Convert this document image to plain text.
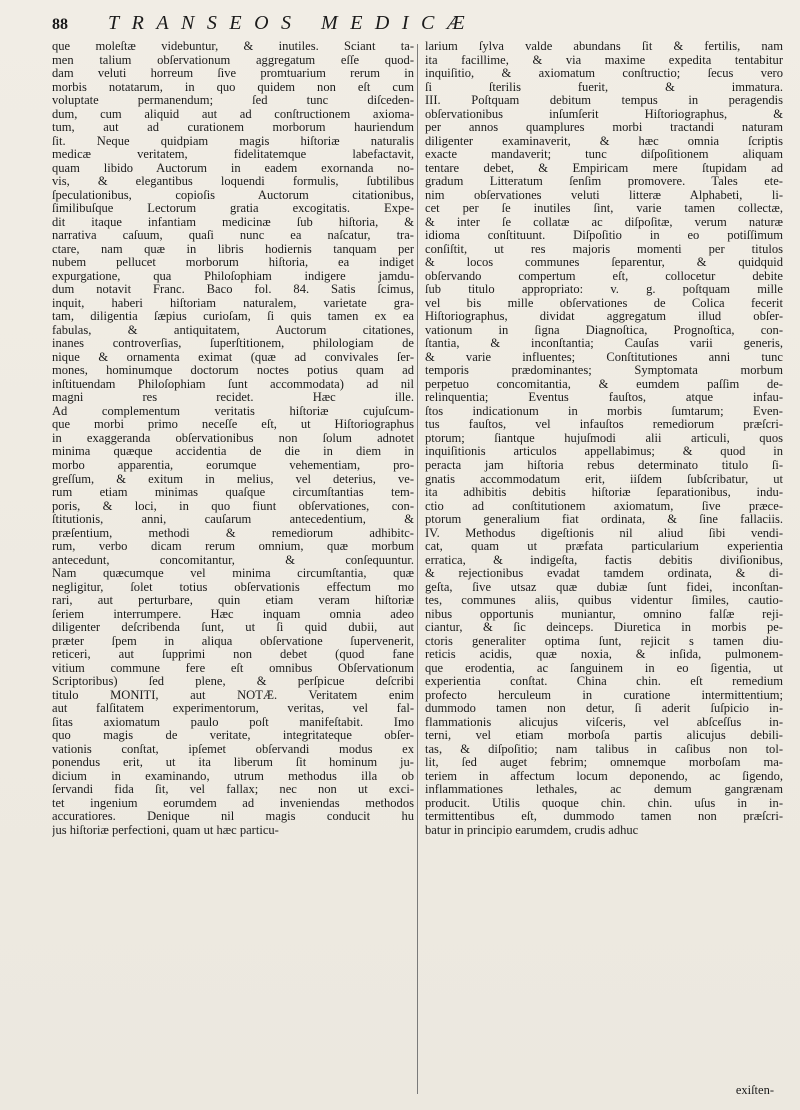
88 TRANSEOS MEDICÆ
que moleſtæ videbuntur, & inutiles. Sciant ta-
men talium obſervationum aggregatum eſſe quod-
dam veluti horreum ſive promtuarium rerum in
morbis notatarum, in quo quidem non eſt cum
voluptate permanendum; ſed tunc diſceden-
dum, cum aliquid aut ad conſtructionem axioma-
tum, aut ad curationem morborum hauriendum
ſit. Neque quidpiam magis hiſtoriæ naturalis
medicæ veritatem, fidelitatemque labefactavit,
quam libido Auctorum in eadem exornanda no-
vis, & elegantibus loquendi formulis, ſubtilibus
ſpeculationibus, copioſis Auctorum citationibus,
ſimilibuſque Lectorum gratia excogitatis. Expe-
dit itaque infantiam medicinæ ſub hiſtoria, &
narrativa caſuum, quaſi nunc ea naſcatur, tra-
ctare, nam quæ in libris hodiernis tanquam per
nubem pellucet morborum hiſtoria, ea indiget
expurgatione, qua Philoſophiam indigere jamdu-
dum notavit Franc. Baco fol. 84. Satis ſcimus,
inquit, haberi hiſtoriam naturalem, varietate gra-
tam, diligentia ſæpius curioſam, ſi quis tamen ex ea
fabulas, & antiquitatem, Auctorum citationes,
inanes controverſias, ſuperſtitionem, philologiam de
nique & ornamenta eximat (quæ ad convivales ſer-
mones, hominumque doctorum noctes potius quam ad
inſtituendam Philoſophiam ſunt accommodata) ad nil
magni res recidet. Hæc ille.
Ad complementum veritatis hiſtoriæ cujuſcum-
que morbi primo neceſſe eſt, ut Hiſtoriographus
in exaggeranda obſervationibus non ſolum adnotet
minima quæque accidentia de die in diem in
morbo apparentia, eorumque vehementiam, pro-
greſſum, & exitum in melius, vel deterius, ve-
rum etiam minimas quaſque circumſtantias tem-
poris, & loci, in quo fiunt obſervationes, con-
ſtitutionis, anni, cauſarum antecedentium, &
præſentium, methodi & remediorum adhibitc-
rum, verbo dicam rerum omnium, quæ morbum
antecedunt, concomitantur, & conſequuntur.
Nam quæcumque vel minima circumſtantia, quæ
negligitur, ſolet totius obſervationis effectum mo
rari, aut perturbare, quin etiam veram hiſtoriæ
ſeriem interrumpere. Hæc inquam omnia adeo
diligenter deſcribenda ſunt, ut ſi quid dubii, aut
præter ſpem in aliqua obſervatione ſupervenerit,
reticeri, aut ſupprimi non debet (quod fane
vitium commune fere eſt omnibus Obſervationum
Scriptoribus) ſed plene, & perſpicue deſcribi
titulo MONITI, aut NOTÆ. Veritatem enim
aut falſitatem experimentorum, veritas, vel fal-
ſitas axiomatum paulo poſt manifeſtabit. Imo
quo magis de veritate, integritateque obſer-
vationis conſtat, ipſemet obſervandi modus ex
ponendus erit, ut ita liberum ſit hominum ju-
dicium in examinando, utrum methodus illa ob
ſervandi fida ſit, vel fallax; nec non ut exci-
tet ingenium eorumdem ad inveniendas methodos
accuratiores. Denique nil magis conducit hu
jus hiſtoriæ perfectioni, quam ut hæc particu-
larium ſylva valde abundans ſit & fertilis, nam
ita facillime, & via maxime expedita tentabitur
inquiſitio, & axiomatum conſtructio; ſecus vero
ſi ſterilis fuerit, & immatura.
III. Poſtquam debitum tempus in peragendis
obſervationibus inſumſerit Hiſtoriographus, &
per annos quamplures morbi tractandi naturam
diligenter examinaverit, & hæc omnia ſcriptis
exacte mandaverit; tunc diſpoſitionem aliquam
tentare debet, & Empiricam mere ſtupidam ad
gradum Litteratum ſenſim promovere. Tales ete-
nim obſervationes veluti litteræ Alphabeti, li-
cet per ſe inutiles ſint, varie tamen collectæ,
& inter ſe collatæ ac diſpoſitæ, verum naturæ
idioma conſtituunt. Diſpoſitio in eo potiſſimum
conſiſtit, ut res majoris momenti per titulos
& locos communes ſeparentur, & quidquid
obſervando compertum eſt, collocetur debite
ſub titulo appropriato: v. g. poſtquam mille
vel bis mille obſervationes de Colica fecerit
Hiſtoriographus, dividat aggregatum illud obſer-
vationum in ſigna Diagnoſtica, Prognoſtica, con-
ſtantia, & inconſtantia; Cauſas varii generis,
& varie influentes; Conſtitutiones anni tunc
temporis prædominantes; Symptomata morbum
perpetuo concomitantia, & eumdem paſſim de-
relinquentia; Eventus fauſtos, atque infau-
ſtos indicationum in morbis ſumtarum; Even-
tus fauſtos, vel infauſtos remediorum præſcri-
ptorum; ſiantque hujuſmodi alii articuli, quos
inquiſitionis articulos appellabimus; & quod in
peracta jam hiſtoria rebus determinato titulo ſi-
gnatis accommodatum erit, iiſdem ſubſcribatur, ut
ita adhibitis debitis hiſtoriæ ſeparationibus, indu-
ctio ad conſtitutionem axiomatum, ſive præce-
ptorum generalium fiat ordinata, & ſine fallaciis.
IV. Methodus digeſtionis nil aliud ſibi vendi-
cat, quam ut præfata particularium experientia
erratica, & indigeſta, factis debitis diviſionibus,
& rejectionibus evadat tamdem ordinata, & di-
geſta, ſive utsaz quæ dubiæ ſunt fidei, inconſtan-
tes, communes aliis, quibus videntur ſimiles, cautio-
nibus opportunis muniantur, omnino falſæ reji-
ciantur, & ſic deinceps. Diuretica in morbis pe-
ctoris generaliter optima ſunt, rejicit s tamen diu-
reticis acidis, quæ noxia, & inſida, pulmonem-
que erodentia, ac ſanguinem in eo ſigentia, ut
experientia conſtat. China chin. eſt remedium
profecto herculeum in curatione intermittentium;
dummodo tamen non detur, ſi aderit ſuſpicio in-
flammationis alicujus viſceris, vel abſceſſus in-
terni, vel etiam morboſa partis alicujus debili-
tas, & diſpoſitio; nam talibus in caſibus non tol-
lit, ſed auget febrim; omnemque morboſam ma-
teriem in affectum locum deponendo, ac ſigendo,
inflammationes lethales, ac demum gangrænam
producit. Utilis quoque chin. chin. uſus in in-
termittentibus eſt, dummodo tamen non præſcri-
batur in principio earumdem, crudis adhuc
exiſten-
